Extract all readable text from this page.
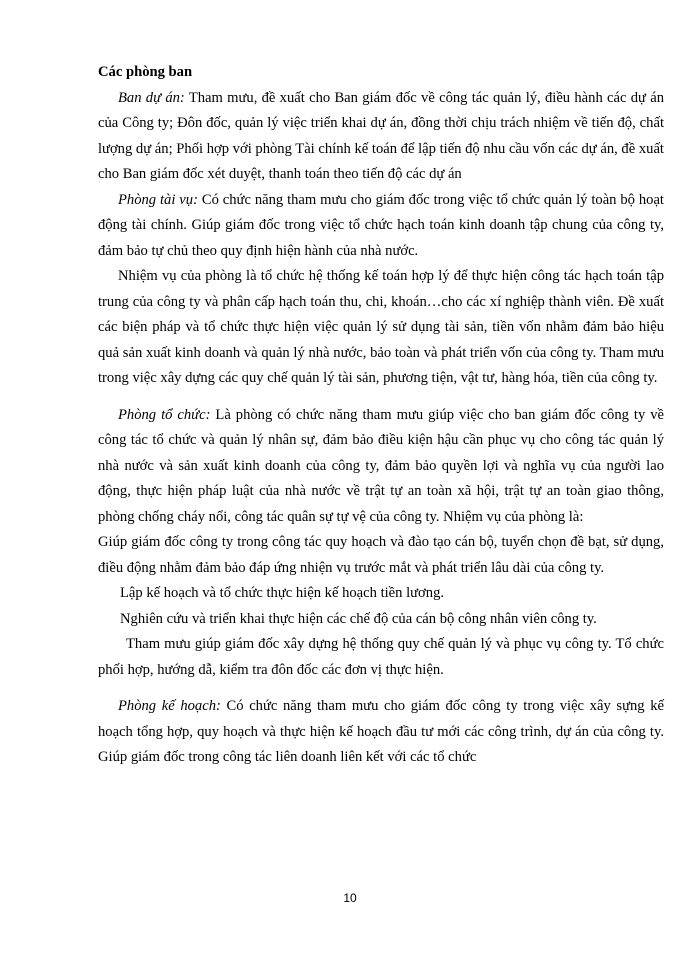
Các phòng ban

Ban dự án: Tham mưu, đề xuất cho Ban giám đốc về công tác quản lý, điều hành các dự án của Công ty; Đôn đốc, quản lý việc triển khai dự án, đồng thời chịu trách nhiệm về tiến độ, chất lượng dự án; Phối hợp với phòng Tài chính kế toán để lập tiến độ nhu cầu vốn các dự án, đề xuất cho Ban giám đốc xét duyệt, thanh toán theo tiến độ các dự án

Phòng tài vụ: Có chức năng tham mưu cho giám đốc trong việc tổ chức quản lý toàn bộ hoạt động tài chính. Giúp giám đốc trong việc tổ chức hạch toán kinh doanh tập chung của công ty, đảm bảo tự chủ theo quy định hiện hành của nhà nước.

Nhiệm vụ của phòng là tổ chức hệ thống kế toán hợp lý để thực hiện công tác hạch toán tập trung của công ty và phân cấp hạch toán thu, chi, khoán…cho các xí nghiệp thành viên. Đề xuất các biện pháp và tổ chức thực hiện việc quản lý sử dụng tài sản, tiền vốn nhằm đảm bảo hiệu quả sản xuất kinh doanh và quản lý nhà nước, bảo toàn và phát triển vốn của công ty. Tham mưu trong việc xây dựng các quy chế quản lý tài sản, phương tiện, vật tư, hàng hóa, tiền của công ty.

Phòng tổ chức: Là phòng có chức năng tham mưu giúp việc cho ban giám đốc công ty về công tác tổ chức và quản lý nhân sự, đảm bảo điều kiện hậu cần phục vụ cho công tác quản lý nhà nước và sản xuất kinh doanh của công ty, đảm bảo quyền lợi và nghĩa vụ của người lao động, thực hiện pháp luật của nhà nước về trật tự an toàn xã hội, trật tự an toàn giao thông, phòng chống cháy nổi, công tác quân sự tự vệ của công ty. Nhiệm vụ của phòng là:

Giúp giám đốc công ty trong công tác quy hoạch và đào tạo cán bộ, tuyển chọn đề bạt, sử dụng, điều động nhằm đảm bảo đáp ứng nhiện vụ trước mắt và phát triển lâu dài của công ty.

Lập kế hoạch và tổ chức thực hiện kế hoạch tiền lương.

Nghiên cứu và triển khai thực hiện các chế độ của cán bộ công nhân viên công ty.

Tham mưu giúp giám đốc xây dựng hệ thống quy chế quản lý và phục vụ công ty. Tổ chức phối hợp, hướng dẫ, kiểm tra đôn đốc các đơn vị thực hiện.

Phòng kế hoạch: Có chức năng tham mưu cho giám đốc công ty trong việc xây sựng kế hoạch tổng hợp, quy hoạch và thực hiện kế hoạch đầu tư mới các công trình, dự án của công ty. Giúp giám đốc trong công tác liên doanh liên kết với các tổ chức

10
